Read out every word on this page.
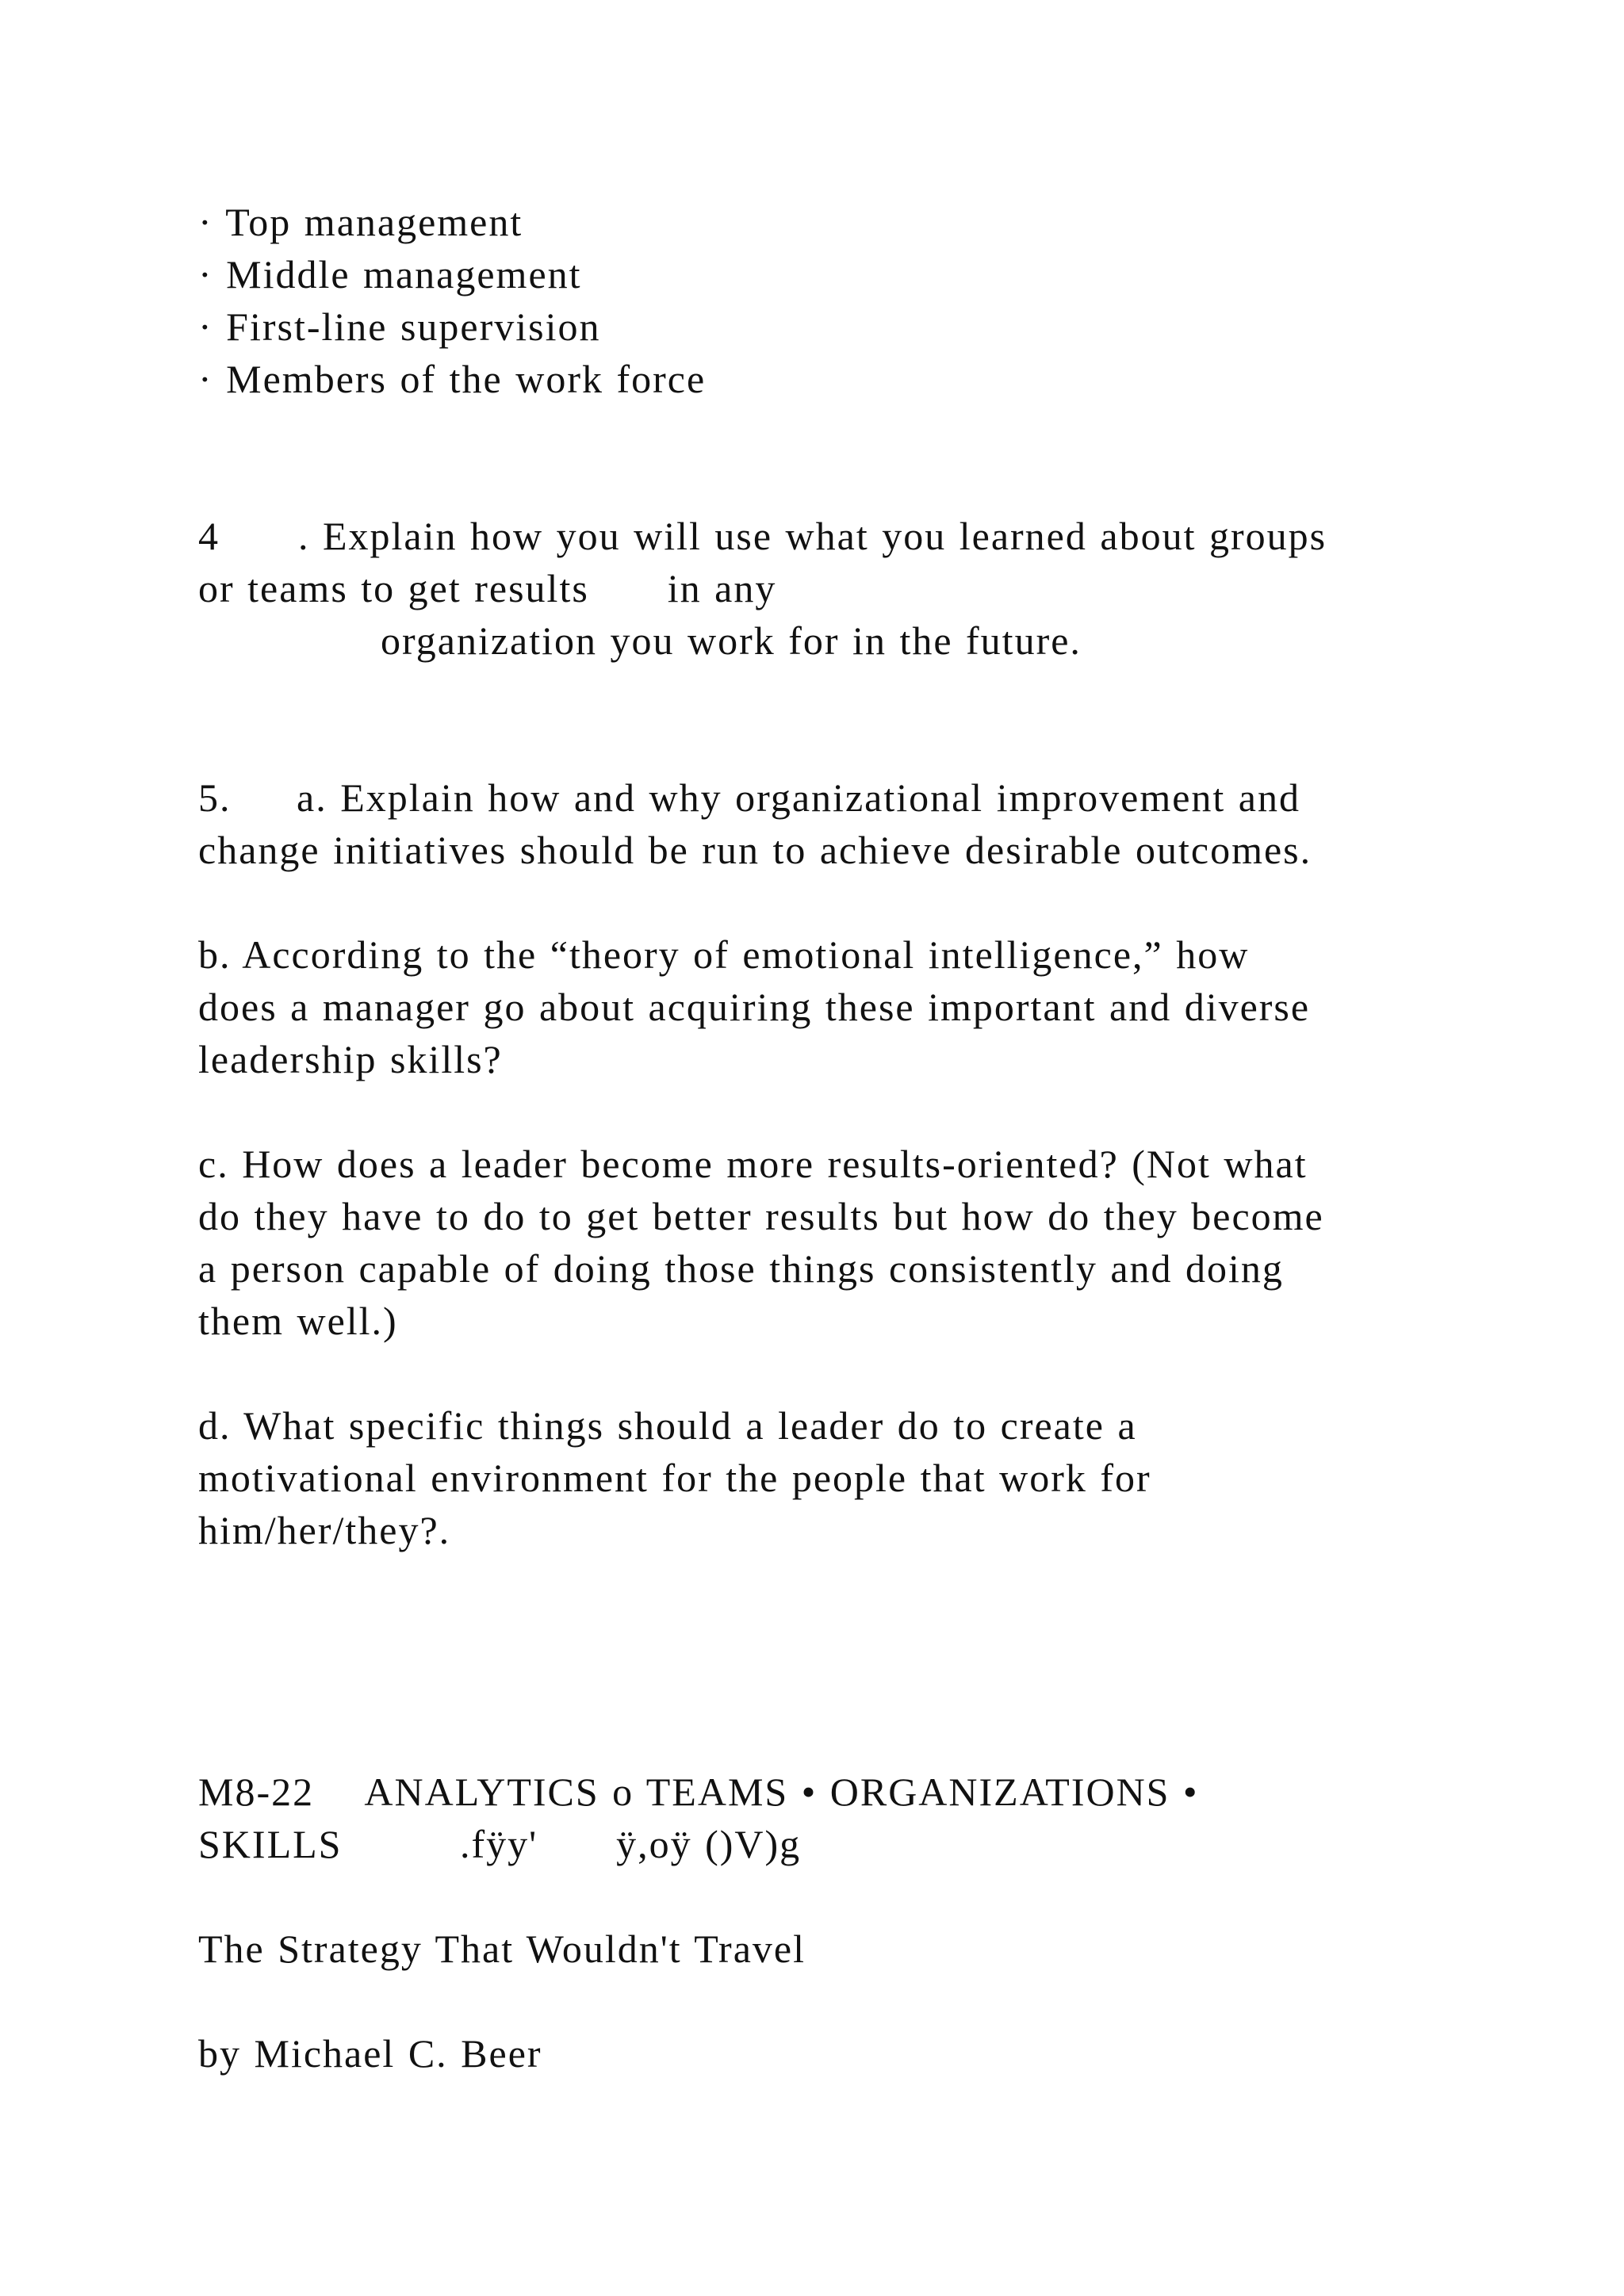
· Top management
· Middle management
· First-line supervision
· Members of the work force
4      . Explain how you will use what you learned about groups
or teams to get results      in any
organization you work for in the future.
5.     a. Explain how and why organizational improvement and
change initiatives should be run to achieve desirable outcomes.
b. According to the “theory of emotional intelligence,” how
does a manager go about acquiring these important and diverse
leadership skills?
c. How does a leader become more results-oriented? (Not what
do they have to do to get better results but how do they become
a person capable of doing those things consistently and doing
them well.)
d. What specific things should a leader do to create a
motivational environment for the people that work for
him/her/they?.
M8-22    ANALYTICS o TEAMS • ORGANIZATIONS •
SKILLS         .fÿy'      ÿ,oÿ ()V)g
The Strategy That Wouldn't Travel
by Michael C. Beer
